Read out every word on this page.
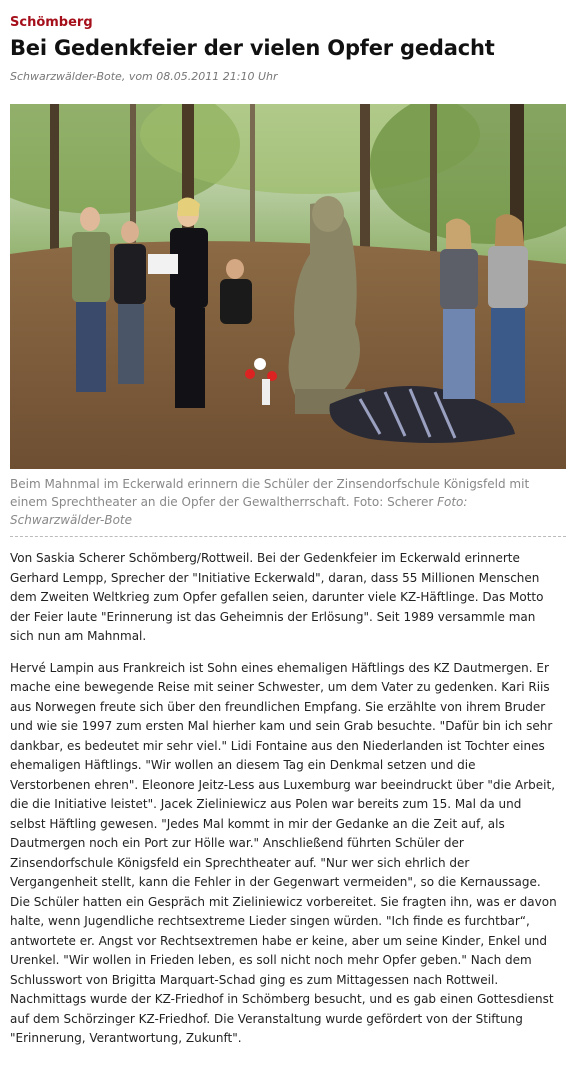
Schömberg
Bei Gedenkfeier der vielen Opfer gedacht
Schwarzwälder-Bote, vom 08.05.2011 21:10 Uhr
Beim Mahnmal im Eckerwald erinnern die Schüler der Zinsendorfschule Königsfeld mit einem Sprechtheater an die Opfer der Gewaltherrschaft. Foto: Scherer Foto: Schwarzwälder-Bote

Von Saskia Scherer Schömberg/Rottweil. Bei der Gedenkfeier im Eckerwald erinnerte Gerhard Lempp, Sprecher der "Initiative Eckerwald", daran, dass 55 Millionen Menschen dem Zweiten Weltkrieg zum Opfer gefallen seien, darunter viele KZ-Häftlinge. Das Motto der Feier laute "Erinnerung ist das Geheimnis der Erlösung". Seit 1989 versammle man sich nun am Mahnmal.

Hervé Lampin aus Frankreich ist Sohn eines ehemaligen Häftlings des KZ Dautmergen. Er mache eine bewegende Reise mit seiner Schwester, um dem Vater zu gedenken. Kari Riis aus Norwegen freute sich über den freundlichen Empfang. Sie erzählte von ihrem Bruder und wie sie 1997 zum ersten Mal hierher kam und sein Grab besuchte. "Dafür bin ich sehr dankbar, es bedeutet mir sehr viel." Lidi Fontaine aus den Niederlanden ist Tochter eines ehemaligen Häftlings. "Wir wollen an diesem Tag ein Denkmal setzen und die Verstorbenen ehren". Eleonore Jeitz-Less aus Luxemburg war beeindruckt über "die Arbeit, die die Initiative leistet". Jacek Zieliniewicz aus Polen war bereits zum 15. Mal da und selbst Häftling gewesen. "Jedes Mal kommt in mir der Gedanke an die Zeit auf, als Dautmergen noch ein Port zur Hölle war." Anschließend führten Schüler der Zinsendorfschule Königsfeld ein Sprechtheater auf. "Nur wer sich ehrlich der Vergangenheit stellt, kann die Fehler in der Gegenwart vermeiden", so die Kernaussage. Die Schüler hatten ein Gespräch mit Zieliniewicz vorbereitet. Sie fragten ihn, was er davon halte, wenn Jugendliche rechtsextreme Lieder singen würden. "Ich finde es furchtbar“, antwortete er. Angst vor Rechtsextremen habe er keine, aber um seine Kinder, Enkel und Urenkel. "Wir wollen in Frieden leben, es soll nicht noch mehr Opfer geben." Nach dem Schlusswort von Brigitta Marquart-Schad ging es zum Mittagessen nach Rottweil. Nachmittags wurde der KZ-Friedhof in Schömberg besucht, und es gab einen Gottesdienst auf dem Schörzinger KZ-Friedhof. Die Veranstaltung wurde gefördert von der Stiftung "Erinnerung, Verantwortung, Zukunft".
